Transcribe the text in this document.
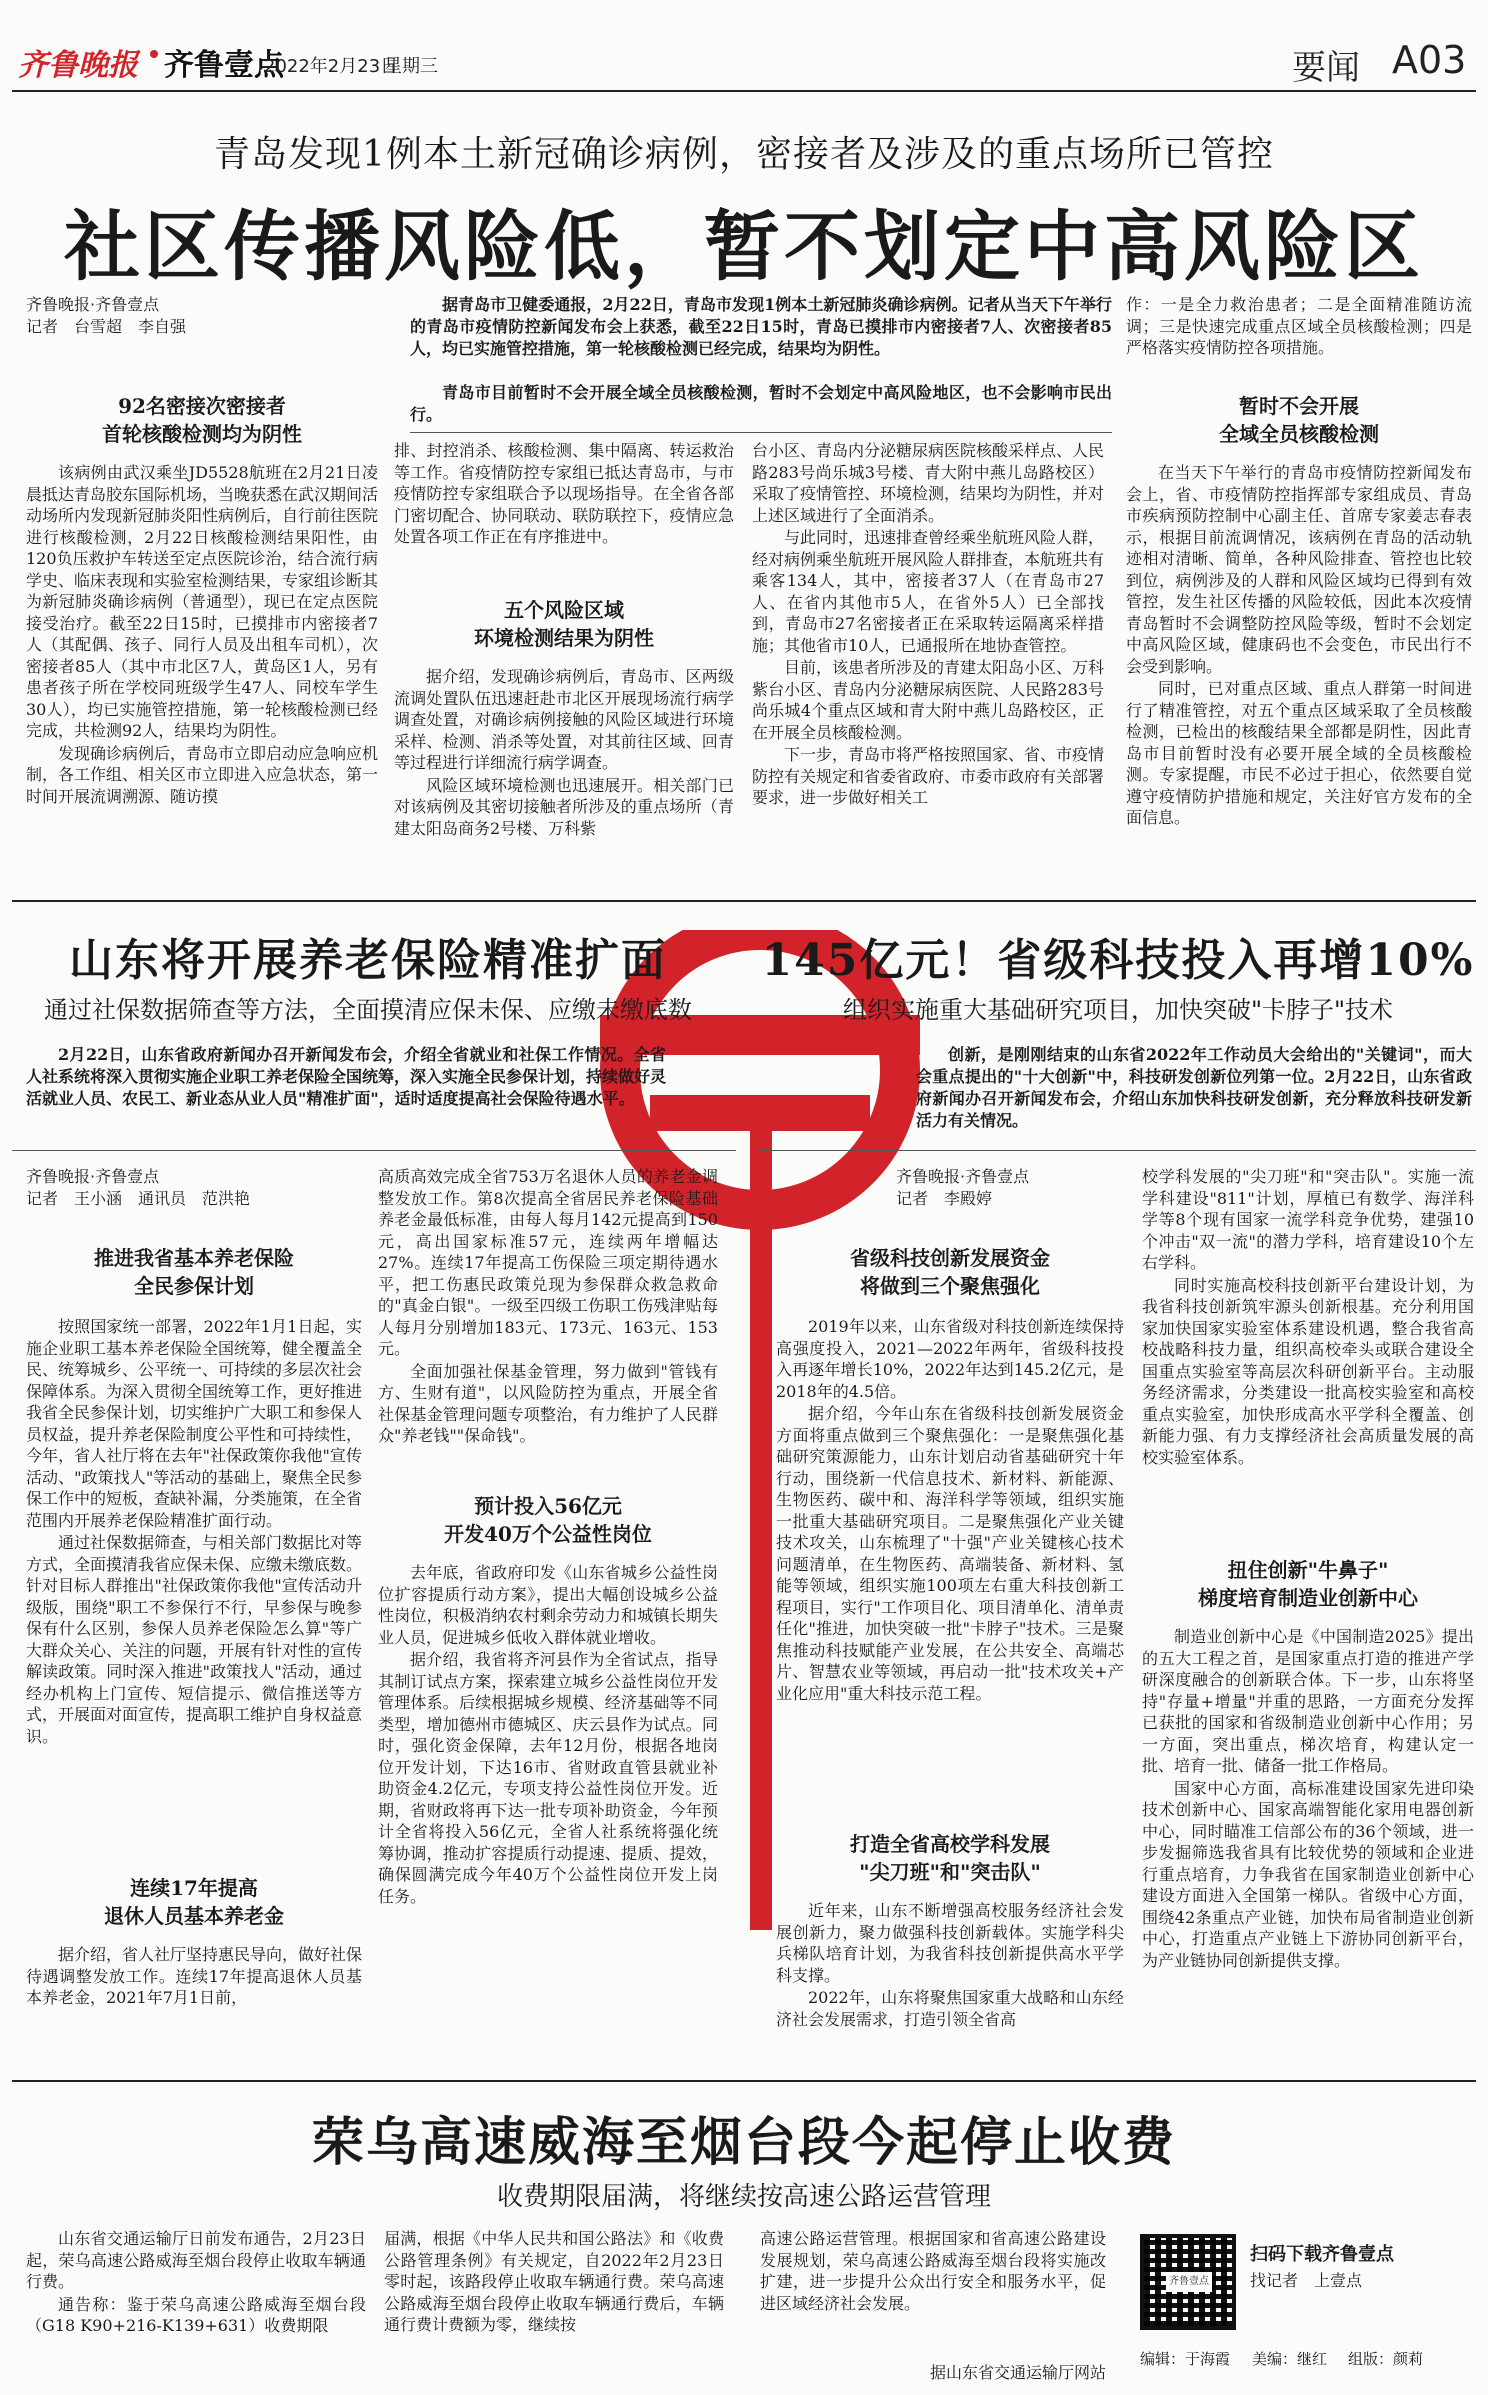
齐鲁晚报 齐鲁壹点
2022年2月23日
星期三	要闻 A03
青岛发现1例本土新冠确诊病例，密接者及涉及的重点场所已管控
社区传播风险低，暂不划定中高风险区
齐鲁晚报·齐鲁壹点
记者　台雪超　李自强
据青岛市卫健委通报，2月22日，青岛市发现1例本土新冠肺炎确诊病例。记者从当天下午举行的青岛市疫情防控新闻发布会上获悉，截至22日15时，青岛已摸排市内密接者7人、次密接者85人，均已实施管控措施，第一轮核酸检测已经完成，结果均为阴性。
青岛市目前暂时不会开展全域全员核酸检测，暂时不会划定中高风险地区，也不会影响市民出行。
92名密接次密接者
首轮核酸检测均为阴性

该病例由武汉乘坐JD5528航班在2月21日凌晨抵达青岛胶东国际机场，当晚获悉在武汉期间活动场所内发现新冠肺炎阳性病例后，自行前往医院进行核酸检测，2月22日核酸检测结果阳性，由120负压救护车转送至定点医院诊治，结合流行病学史、临床表现和实验室检测结果，专家组诊断其为新冠肺炎确诊病例（普通型），现已在定点医院接受治疗。截至22日15时，已摸排市内密接者7人（其配偶、孩子、同行人员及出租车司机），次密接者85人（其中市北区7人，黄岛区1人，另有患者孩子所在学校同班级学生47人、同校车学生30人），均已实施管控措施，第一轮核酸检测已经完成，共检测92人，结果均为阴性。

发现确诊病例后，青岛市立即启动应急响应机制，各工作组、相关区市立即进入应急状态，第一时间开展流调溯源、随访摸

排、封控消杀、核酸检测、集中隔离、转运救治等工作。省疫情防控专家组已抵达青岛市，与市疫情防控专家组联合予以现场指导。在全省各部门密切配合、协同联动、联防联控下，疫情应急处置各项工作正在有序推进中。

五个风险区域
环境检测结果为阴性

据介绍，发现确诊病例后，青岛市、区两级流调处置队伍迅速赶赴市北区开展现场流行病学调查处置，对确诊病例接触的风险区域进行环境采样、检测、消杀等处置，对其前往区域、回青等过程进行详细流行病学调查。

风险区域环境检测也迅速展开。相关部门已对该病例及其密切接触者所涉及的重点场所（青建太阳岛商务2号楼、万科紫

台小区、青岛内分泌糖尿病医院核酸采样点、人民路283号尚乐城3号楼、青大附中燕儿岛路校区）采取了疫情管控、环境检测，结果均为阴性，并对上述区域进行了全面消杀。

与此同时，迅速排查曾经乘坐航班风险人群，经对病例乘坐航班开展风险人群排查，本航班共有乘客134人，其中，密接者37人（在青岛市27人、在省内其他市5人，在省外5人）已全部找到，青岛市27名密接者正在采取转运隔离采样措施；其他省市10人，已通报所在地协查管控。

目前，该患者所涉及的青建太阳岛小区、万科紫台小区、青岛内分泌糖尿病医院、人民路283号尚乐城4个重点区域和青大附中燕儿岛路校区，正在开展全员核酸检测。

下一步，青岛市将严格按照国家、省、市疫情防控有关规定和省委省政府、市委市政府有关部署要求，进一步做好相关工

作：一是全力救治患者；二是全面精准随访流调；三是快速完成重点区域全员核酸检测；四是严格落实疫情防控各项措施。

暂时不会开展
全域全员核酸检测

在当天下午举行的青岛市疫情防控新闻发布会上，省、市疫情防控指挥部专家组成员、青岛市疾病预防控制中心副主任、首席专家姜志春表示，根据目前流调情况，该病例在青岛的活动轨迹相对清晰、简单，各种风险排查、管控也比较到位，病例涉及的人群和风险区域均已得到有效管控，发生社区传播的风险较低，因此本次疫情青岛暂时不会调整防控风险等级，暂时不会划定中高风险区域，健康码也不会变色，市民出行不会受到影响。

同时，已对重点区域、重点人群第一时间进行了精准管控，对五个重点区域采取了全员核酸检测，已检出的核酸结果全部都是阴性，因此青岛市目前暂时没有必要开展全域的全员核酸检测。专家提醒，市民不必过于担心，依然要自觉遵守疫情防护措施和规定，关注好官方发布的全面信息。

山东将开展养老保险精准扩面
通过社保数据筛查等方法，全面摸清应保未保、应缴未缴底数
2月22日，山东省政府新闻办召开新闻发布会，介绍全省就业和社保工作情况。全省人社系统将深入贯彻实施企业职工养老保险全国统筹，深入实施全民参保计划，持续做好灵活就业人员、农民工、新业态从业人员"精准扩面"，适时适度提高社会保险待遇水平。
齐鲁晚报·齐鲁壹点
记者　王小涵　通讯员　范洪艳
推进我省基本养老保险
全民参保计划

按照国家统一部署，2022年1月1日起，实施企业职工基本养老保险全国统筹，健全覆盖全民、统筹城乡、公平统一、可持续的多层次社会保障体系。为深入贯彻全国统筹工作，更好推进我省全民参保计划，切实维护广大职工和参保人员权益，提升养老保险制度公平性和可持续性，今年，省人社厅将在去年"社保政策你我他"宣传活动、"政策找人"等活动的基础上，聚焦全民参保工作中的短板，查缺补漏，分类施策，在全省范围内开展养老保险精准扩面行动。

通过社保数据筛查，与相关部门数据比对等方式，全面摸清我省应保未保、应缴未缴底数。针对目标人群推出"社保政策你我他"宣传活动升级版，围绕"职工不参保行不行，早参保与晚参保有什么区别，参保人员养老保险怎么算"等广大群众关心、关注的问题，开展有针对性的宣传解读政策。同时深入推进"政策找人"活动，通过经办机构上门宣传、短信提示、微信推送等方式，开展面对面宣传，提高职工维护自身权益意识。

连续17年提高
退休人员基本养老金

据介绍，省人社厅坚持惠民导向，做好社保待遇调整发放工作。连续17年提高退休人员基本养老金，2021年7月1日前，

高质高效完成全省753万名退休人员的养老金调整发放工作。第8次提高全省居民养老保险基础养老金最低标准，由每人每月142元提高到150元，高出国家标准57元，连续两年增幅达27%。连续17年提高工伤保险三项定期待遇水平，把工伤惠民政策兑现为参保群众救急救命的"真金白银"。一级至四级工伤职工伤残津贴每人每月分别增加183元、173元、163元、153元。

全面加强社保基金管理，努力做到"管钱有方、生财有道"，以风险防控为重点，开展全省社保基金管理问题专项整治，有力维护了人民群众"养老钱""保命钱"。

预计投入56亿元
开发40万个公益性岗位

去年底，省政府印发《山东省城乡公益性岗位扩容提质行动方案》，提出大幅创设城乡公益性岗位，积极消纳农村剩余劳动力和城镇长期失业人员，促进城乡低收入群体就业增收。

据介绍，我省将齐河县作为全省试点，指导其制订试点方案，探索建立城乡公益性岗位开发管理体系。后续根据城乡规模、经济基础等不同类型，增加德州市德城区、庆云县作为试点。同时，强化资金保障，去年12月份，根据各地岗位开发计划，下达16市、省财政直管县就业补助资金4.2亿元，专项支持公益性岗位开发。近期，省财政将再下达一批专项补助资金，今年预计全省将投入56亿元，全省人社系统将强化统筹协调，推动扩容提质行动提速、提质、提效，确保圆满完成今年40万个公益性岗位开发上岗任务。

145亿元！省级科技投入再增10%
组织实施重大基础研究项目，加快突破"卡脖子"技术
创新，是刚刚结束的山东省2022年工作动员大会给出的"关键词"，而大会重点提出的"十大创新"中，科技研发创新位列第一位。2月22日，山东省政府新闻办召开新闻发布会，介绍山东加快科技研发创新，充分释放科技研发新活力有关情况。
齐鲁晚报·齐鲁壹点
记者　李殿婷
省级科技创新发展资金
将做到三个聚焦强化

2019年以来，山东省级对科技创新连续保持高强度投入，2021—2022年两年，省级科技投入再逐年增长10%，2022年达到145.2亿元，是2018年的4.5倍。

据介绍，今年山东在省级科技创新发展资金方面将重点做到三个聚焦强化：一是聚焦强化基础研究策源能力，山东计划启动省基础研究十年行动，围绕新一代信息技术、新材料、新能源、生物医药、碳中和、海洋科学等领域，组织实施一批重大基础研究项目。二是聚焦强化产业关键技术攻关，山东梳理了"十强"产业关键核心技术问题清单，在生物医药、高端装备、新材料、氢能等领域，组织实施100项左右重大科技创新工程项目，实行"工作项目化、项目清单化、清单责任化"推进，加快突破一批"卡脖子"技术。三是聚焦推动科技赋能产业发展，在公共安全、高端芯片、智慧农业等领域，再启动一批"技术攻关+产业化应用"重大科技示范工程。

打造全省高校学科发展
"尖刀班"和"突击队"

近年来，山东不断增强高校服务经济社会发展创新力，聚力做强科技创新载体。实施学科尖兵梯队培育计划，为我省科技创新提供高水平学科支撑。

2022年，山东将聚焦国家重大战略和山东经济社会发展需求，打造引领全省高

校学科发展的"尖刀班"和"突击队"。实施一流学科建设"811"计划，厚植已有数学、海洋科学等8个现有国家一流学科竞争优势，建强10个冲击"双一流"的潜力学科，培育建设10个左右学科。

同时实施高校科技创新平台建设计划，为我省科技创新筑牢源头创新根基。充分利用国家加快国家实验室体系建设机遇，整合我省高校战略科技力量，组织高校牵头或联合建设全国重点实验室等高层次科研创新平台。主动服务经济需求，分类建设一批高校实验室和高校重点实验室，加快形成高水平学科全覆盖、创新能力强、有力支撑经济社会高质量发展的高校实验室体系。

扭住创新"牛鼻子"
梯度培育制造业创新中心

制造业创新中心是《中国制造2025》提出的五大工程之首，是国家重点打造的推进产学研深度融合的创新联合体。下一步，山东将坚持"存量+增量"并重的思路，一方面充分发挥已获批的国家和省级制造业创新中心作用；另一方面，突出重点，梯次培育，构建认定一批、培育一批、储备一批工作格局。

国家中心方面，高标准建设国家先进印染技术创新中心、国家高端智能化家用电器创新中心，同时瞄准工信部公布的36个领域，进一步发掘筛选我省具有比较优势的领域和企业进行重点培育，力争我省在国家制造业创新中心建设方面进入全国第一梯队。省级中心方面，围绕42条重点产业链，加快布局省制造业创新中心，打造重点产业链上下游协同创新平台，为产业链协同创新提供支撑。

荣乌高速威海至烟台段今起停止收费
收费期限届满，将继续按高速公路运营管理

山东省交通运输厅日前发布通告，2月23日起，荣乌高速公路威海至烟台段停止收取车辆通行费。

通告称：鉴于荣乌高速公路威海至烟台段（G18 K90+216-K139+631）收费期限

届满，根据《中华人民共和国公路法》和《收费公路管理条例》有关规定，自2022年2月23日零时起，该路段停止收取车辆通行费。荣乌高速公路威海至烟台段停止收取车辆通行费后，车辆通行费计费额为零，继续按

高速公路运营管理。根据国家和省高速公路建设发展规划，荣乌高速公路威海至烟台段将实施改扩建，进一步提升公众出行安全和服务水平，促进区域经济社会发展。

据山东省交通运输厅网站
齐鲁壹点
扫码下载齐鲁壹点
找记者　上壹点
编辑：于海霞 美编：继红 组版：颜莉
